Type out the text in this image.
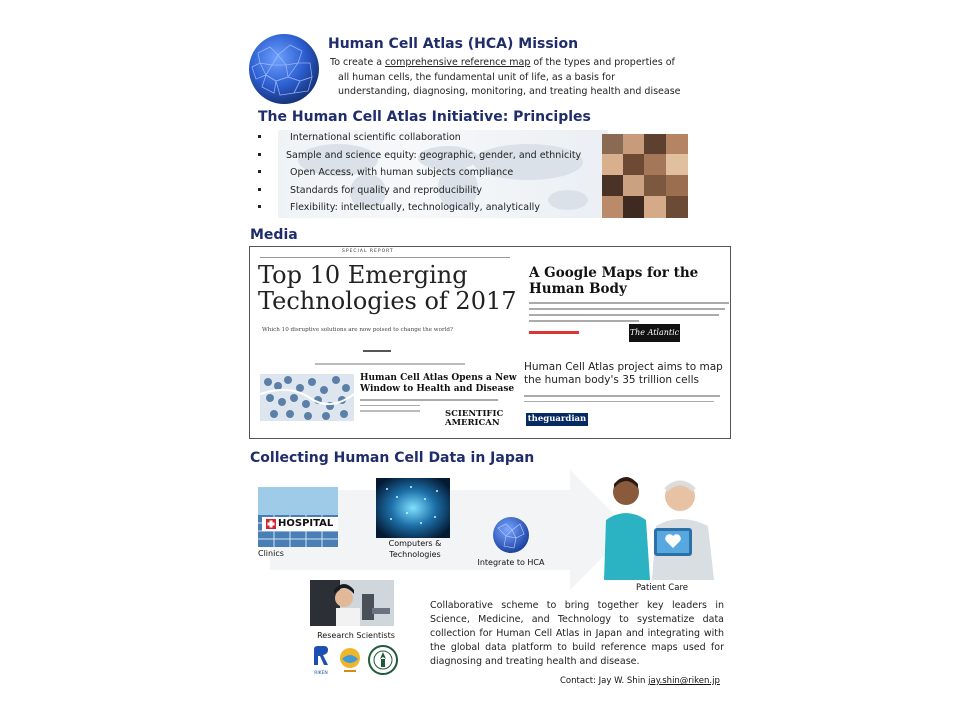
Human Cell Atlas (HCA) Mission
To create a comprehensive reference map of the types and properties of
all human cells, the fundamental unit of life, as a basis for
understanding, diagnosing, monitoring, and treating health and disease
The Human Cell Atlas Initiative: Principles
International scientific collaboration
Sample and science equity: geographic, gender, and ethnicity
Open Access, with human subjects compliance
Standards for quality and reproducibility
Flexibility: intellectually, technologically, analytically
Media
SPECIAL REPORT
Top 10 Emerging
Technologies of 2017
Which 10 disruptive solutions are now poised to change the world?
A Google Maps for the
Human Body
The Atlantic
Human Cell Atlas Opens a New
Window to Health and Disease
SCIENTIFIC
AMERICAN
Human Cell Atlas project aims to map
the human body's 35 trillion cells
theguardian
Collecting Human Cell Data in Japan
HOSPITAL
Clinics
Computers &
Technologies
Integrate to HCA
Patient Care
Research Scientists
RIKEN
Collaborative scheme to bring together key leaders in
Science, Medicine, and Technology to systematize data
collection for Human Cell Atlas in Japan and integrating with
the global data platform to build reference maps used for
diagnosing and treating health and disease.
Contact: Jay W. Shin jay.shin@riken.jp
